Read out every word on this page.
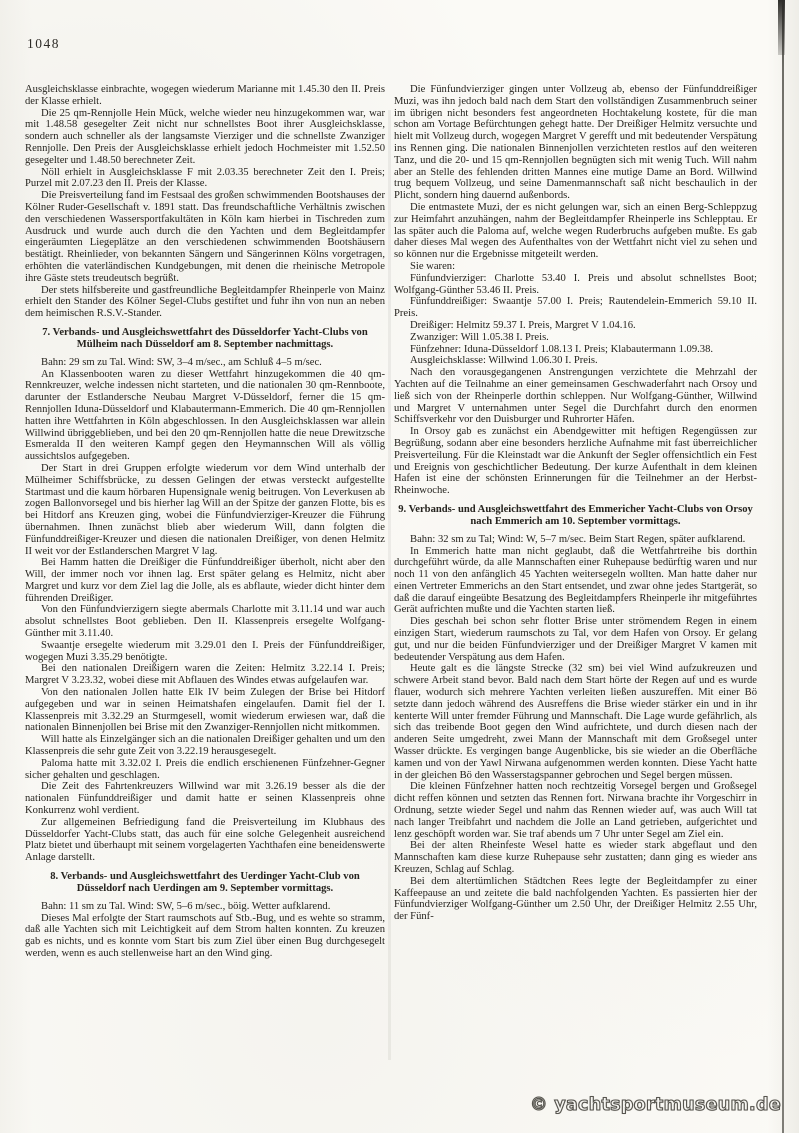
1048

Ausgleichsklasse einbrachte, wogegen wiederum Marianne mit 1.45.30 den II. Preis der Klasse erhielt.

Die 25 qm-Rennjolle Hein Mück, welche wieder neu hinzugekommen war, war mit 1.48.58 gesegelter Zeit nicht nur schnellstes Boot ihrer Ausgleichsklasse, sondern auch schneller als der langsamste Vierziger und die schnellste Zwanziger Rennjolle. Den Preis der Ausgleichsklasse erhielt jedoch Hochmeister mit 1.52.50 gesegelter und 1.48.50 berechneter Zeit.

Nöll erhielt in Ausgleichsklasse F mit 2.03.35 berechneter Zeit den I. Preis; Purzel mit 2.07.23 den II. Preis der Klasse.

Die Preisverteilung fand im Festsaal des großen schwimmenden Bootshauses der Kölner Ruder-Gesellschaft v. 1891 statt. Das freundschaftliche Verhältnis zwischen den verschiedenen Wassersportfakultäten in Köln kam hierbei in Tischreden zum Ausdruck und wurde auch durch die den Yachten und dem Begleitdampfer eingeräumten Liegeplätze an den verschiedenen schwimmenden Bootshäusern bestätigt. Rheinlieder, von bekannten Sängern und Sängerinnen Kölns vorgetragen, erhöhten die vaterländischen Kundgebungen, mit denen die rheinische Metropole ihre Gäste stets treudeutsch begrüßt.

Der stets hilfsbereite und gastfreundliche Begleitdampfer Rheinperle von Mainz erhielt den Stander des Kölner Segel-Clubs gestiftet und fuhr ihn von nun an neben dem heimischen R.S.V.-Stander.

7. Verbands- und Ausgleichswettfahrt des Düsseldorfer Yacht-Clubs von Mülheim nach Düsseldorf am 8. September nachmittags.

Bahn: 29 sm zu Tal. Wind: SW, 3–4 m/sec., am Schluß 4–5 m/sec.

An Klassenbooten waren zu dieser Wettfahrt hinzugekommen die 40 qm-Rennkreuzer, welche indessen nicht starteten, und die nationalen 30 qm-Rennboote, darunter der Estlandersche Neubau Margret V-Düsseldorf, ferner die 15 qm-Rennjollen Iduna-Düsseldorf und Klabautermann-Emmerich. Die 40 qm-Rennjollen hatten ihre Wettfahrten in Köln abgeschlossen. In den Ausgleichsklassen war allein Willwind übriggeblieben, und bei den 20 qm-Rennjollen hatte die neue Drewitzsche Esmeralda II den weiteren Kampf gegen den Heymannschen Will als völlig aussichtslos aufgegeben.

Der Start in drei Gruppen erfolgte wiederum vor dem Wind unterhalb der Mülheimer Schiffsbrücke, zu dessen Gelingen der etwas versteckt aufgestellte Startmast und die kaum hörbaren Hupensignale wenig beitrugen. Von Leverkusen ab zogen Ballonvorsegel und bis hierher lag Will an der Spitze der ganzen Flotte, bis es bei Hitdorf ans Kreuzen ging, wobei die Fünfundvierziger-Kreuzer die Führung übernahmen. Ihnen zunächst blieb aber wiederum Will, dann folgten die Fünfunddreißiger-Kreuzer und diesen die nationalen Dreißiger, von denen Helmitz II weit vor der Estlanderschen Margret V lag.

Bei Hamm hatten die Dreißiger die Fünfunddreißiger überholt, nicht aber den Will, der immer noch vor ihnen lag. Erst später gelang es Helmitz, nicht aber Margret und kurz vor dem Ziel lag die Jolle, als es abflaute, wieder dicht hinter dem führenden Dreißiger.

Von den Fünfundvierzigern siegte abermals Charlotte mit 3.11.14 und war auch absolut schnellstes Boot geblieben. Den II. Klassenpreis ersegelte Wolfgang-Günther mit 3.11.40.

Swaantje ersegelte wiederum mit 3.29.01 den I. Preis der Fünfunddreißiger, wogegen Muzi 3.35.29 benötigte.

Bei den nationalen Dreißigern waren die Zeiten: Helmitz 3.22.14 I. Preis; Margret V 3.23.32, wobei diese mit Abflauen des Windes etwas aufgelaufen war.

Von den nationalen Jollen hatte Elk IV beim Zulegen der Brise bei Hitdorf aufgegeben und war in seinen Heimatshafen eingelaufen. Damit fiel der I. Klassenpreis mit 3.32.29 an Sturmgesell, womit wiederum erwiesen war, daß die nationalen Binnenjollen bei Brise mit den Zwanziger-Rennjollen nicht mitkommen.

Will hatte als Einzelgänger sich an die nationalen Dreißiger gehalten und um den Klassenpreis die sehr gute Zeit von 3.22.19 herausgesegelt.

Paloma hatte mit 3.32.02 I. Preis die endlich erschienenen Fünfzehner-Gegner sicher gehalten und geschlagen.

Die Zeit des Fahrtenkreuzers Willwind war mit 3.26.19 besser als die der nationalen Fünfunddreißiger und damit hatte er seinen Klassenpreis ohne Konkurrenz wohl verdient.

Zur allgemeinen Befriedigung fand die Preisverteilung im Klubhaus des Düsseldorfer Yacht-Clubs statt, das auch für eine solche Gelegenheit ausreichend Platz bietet und überhaupt mit seinem vorgelagerten Yachthafen eine beneidenswerte Anlage darstellt.

8. Verbands- und Ausgleichswettfahrt des Uerdinger Yacht-Club von Düsseldorf nach Uerdingen am 9. September vormittags.

Bahn: 11 sm zu Tal. Wind: SW, 5–6 m/sec., böig. Wetter aufklarend.

Dieses Mal erfolgte der Start raumschots auf Stb.-Bug, und es wehte so stramm, daß alle Yachten sich mit Leichtigkeit auf dem Strom halten konnten. Zu kreuzen gab es nichts, und es konnte vom Start bis zum Ziel über einen Bug durchgesegelt werden, wenn es auch stellenweise hart an den Wind ging.

Die Fünfundvierziger gingen unter Vollzeug ab, ebenso der Fünfunddreißiger Muzi, was ihn jedoch bald nach dem Start den vollständigen Zusammenbruch seiner im übrigen nicht besonders fest angeordneten Hochtakelung kostete, für die man schon am Vortage Befürchtungen gehegt hatte. Der Dreißiger Helmitz versuchte und hielt mit Vollzeug durch, wogegen Margret V gerefft und mit bedeutender Verspätung ins Rennen ging. Die nationalen Binnenjollen verzichteten restlos auf den weiteren Tanz, und die 20- und 15 qm-Rennjollen begnügten sich mit wenig Tuch. Will nahm aber an Stelle des fehlenden dritten Mannes eine mutige Dame an Bord. Willwind trug bequem Vollzeug, und seine Damenmannschaft saß nicht beschaulich in der Plicht, sondern hing dauernd außenbords.

Die entmastete Muzi, der es nicht gelungen war, sich an einen Berg-Schleppzug zur Heimfahrt anzuhängen, nahm der Begleitdampfer Rheinperle ins Schlepptau. Er las später auch die Paloma auf, welche wegen Ruderbruchs aufgeben mußte. Es gab daher dieses Mal wegen des Aufenthaltes von der Wettfahrt nicht viel zu sehen und so können nur die Ergebnisse mitgeteilt werden.

Sie waren:

Fünfundvierziger: Charlotte 53.40 I. Preis und absolut schnellstes Boot; Wolfgang-Günther 53.46 II. Preis.

Fünfunddreißiger: Swaantje 57.00 I. Preis; Rautendelein-Emmerich 59.10 II. Preis.

Dreißiger: Helmitz 59.37 I. Preis, Margret V 1.04.16.

Zwanziger: Will 1.05.38 I. Preis.

Fünfzehner: Iduna-Düsseldorf 1.08.13 I. Preis; Klabautermann 1.09.38.

Ausgleichsklasse: Willwind 1.06.30 I. Preis.

Nach den vorausgegangenen Anstrengungen verzichtete die Mehrzahl der Yachten auf die Teilnahme an einer gemeinsamen Geschwaderfahrt nach Orsoy und ließ sich von der Rheinperle dorthin schleppen. Nur Wolfgang-Günther, Willwind und Margret V unternahmen unter Segel die Durchfahrt durch den enormen Schiffsverkehr vor den Duisburger und Ruhrorter Häfen.

In Orsoy gab es zunächst ein Abendgewitter mit heftigen Regengüssen zur Begrüßung, sodann aber eine besonders herzliche Aufnahme mit fast überreichlicher Preisverteilung. Für die Kleinstadt war die Ankunft der Segler offensichtlich ein Fest und Ereignis von geschichtlicher Bedeutung. Der kurze Aufenthalt in dem kleinen Hafen ist eine der schönsten Erinnerungen für die Teilnehmer an der Herbst-Rheinwoche.

9. Verbands- und Ausgleichswettfahrt des Emmericher Yacht-Clubs von Orsoy nach Emmerich am 10. September vormittags.

Bahn: 32 sm zu Tal; Wind: W, 5–7 m/sec. Beim Start Regen, später aufklarend.

In Emmerich hatte man nicht geglaubt, daß die Wettfahrtreihe bis dorthin durchgeführt würde, da alle Mannschaften einer Ruhepause bedürftig waren und nur noch 11 von den anfänglich 45 Yachten weitersegeln wollten. Man hatte daher nur einen Vertreter Emmerichs an den Start entsendet, und zwar ohne jedes Startgerät, so daß die darauf eingeübte Besatzung des Begleitdampfers Rheinperle ihr mitgeführtes Gerät aufrichten mußte und die Yachten starten ließ.

Dies geschah bei schon sehr flotter Brise unter strömendem Regen in einem einzigen Start, wiederum raumschots zu Tal, vor dem Hafen von Orsoy. Er gelang gut, und nur die beiden Fünfundvierziger und der Dreißiger Margret V kamen mit bedeutender Verspätung aus dem Hafen.

Heute galt es die längste Strecke (32 sm) bei viel Wind aufzukreuzen und schwere Arbeit stand bevor. Bald nach dem Start hörte der Regen auf und es wurde flauer, wodurch sich mehrere Yachten verleiten ließen auszureffen. Mit einer Bö setzte dann jedoch während des Ausreffens die Brise wieder stärker ein und in ihr kenterte Will unter fremder Führung und Mannschaft. Die Lage wurde gefährlich, als sich das treibende Boot gegen den Wind aufrichtete, und durch diesen nach der anderen Seite umgedreht, zwei Mann der Mannschaft mit dem Großsegel unter Wasser drückte. Es vergingen bange Augenblicke, bis sie wieder an die Oberfläche kamen und von der Yawl Nirwana aufgenommen werden konnten. Diese Yacht hatte in der gleichen Bö den Wasserstagspanner gebrochen und Segel bergen müssen.

Die kleinen Fünfzehner hatten noch rechtzeitig Vorsegel bergen und Großsegel dicht reffen können und setzten das Rennen fort. Nirwana brachte ihr Vorgeschirr in Ordnung, setzte wieder Segel und nahm das Rennen wieder auf, was auch Will tat nach langer Treibfahrt und nachdem die Jolle an Land getrieben, aufgerichtet und lenz geschöpft worden war. Sie traf abends um 7 Uhr unter Segel am Ziel ein.

Bei der alten Rheinfeste Wesel hatte es wieder stark abgeflaut und den Mannschaften kam diese kurze Ruhepause sehr zustatten; dann ging es wieder ans Kreuzen, Schlag auf Schlag.

Bei dem altertümlichen Städtchen Rees legte der Begleitdampfer zu einer Kaffeepause an und zeitete die bald nachfolgenden Yachten. Es passierten hier der Fünfundvierziger Wolfgang-Günther um 2.50 Uhr, der Dreißiger Helmitz 2.55 Uhr, der Fünf-

© yachtsportmuseum.de
